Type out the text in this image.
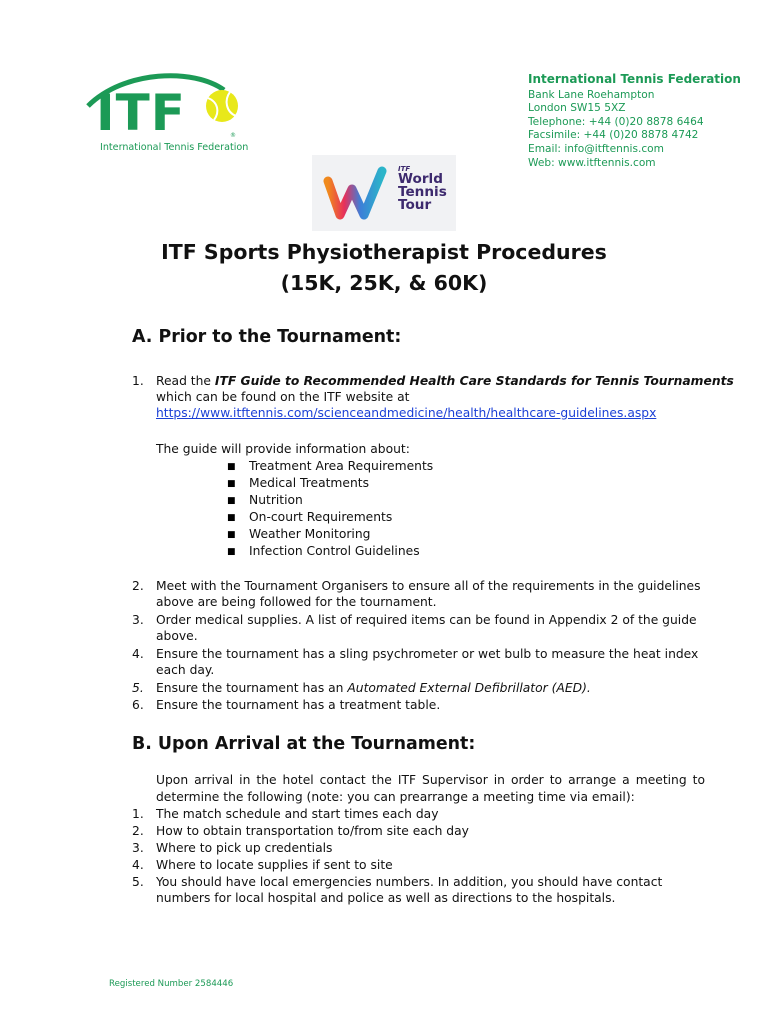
ITF	®
International Tennis Federation
International Tennis Federation
Bank Lane Roehampton
London SW15 5XZ
Telephone: +44 (0)20 8878 6464
Facsimile: +44 (0)20 8878 4742
Email: info@itftennis.com
Web: www.itftennis.com
ITF
World
Tennis
Tour
ITF Sports Physiotherapist Procedures
(15K, 25K, & 60K)
A. Prior to the Tournament:
1. Read the ITF Guide to Recommended Health Care Standards for Tennis Tournaments
which can be found on the ITF website at
https://www.itftennis.com/scienceandmedicine/health/healthcare-guidelines.aspx
The guide will provide information about:
■ Treatment Area Requirements
■ Medical Treatments
■ Nutrition
■ On-court Requirements
■ Weather Monitoring
■ Infection Control Guidelines
2. Meet with the Tournament Organisers to ensure all of the requirements in the guidelines
above are being followed for the tournament.
3. Order medical supplies. A list of required items can be found in Appendix 2 of the guide
above.
4. Ensure the tournament has a sling psychrometer or wet bulb to measure the heat index
each day.
5. Ensure the tournament has an Automated External Defibrillator (AED).
6. Ensure the tournament has a treatment table.
B. Upon Arrival at the Tournament:
Upon arrival in the hotel contact the ITF Supervisor in order to arrange a meeting to
determine the following (note: you can prearrange a meeting time via email):
1. The match schedule and start times each day
2. How to obtain transportation to/from site each day
3. Where to pick up credentials
4. Where to locate supplies if sent to site
5. You should have local emergencies numbers. In addition, you should have contact
numbers for local hospital and police as well as directions to the hospitals.
Registered Number 2584446
